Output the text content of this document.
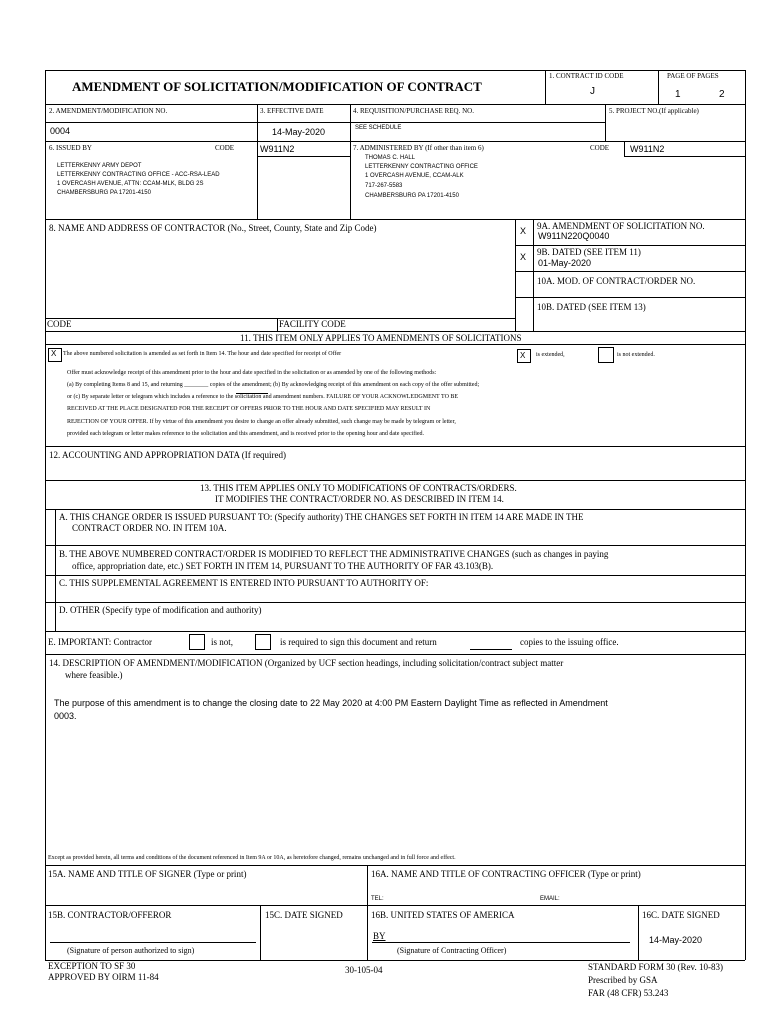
AMENDMENT OF SOLICITATION/MODIFICATION OF CONTRACT
1. CONTRACT ID CODE
J
PAGE OF PAGES
1	2
2. AMENDMENT/MODIFICATION NO.
0004
3. EFFECTIVE DATE
14-May-2020
4. REQUISITION/PURCHASE REQ. NO.
SEE SCHEDULE
5. PROJECT NO.(If applicable)
6. ISSUED BY	CODE	W911N2
LETTERKENNY ARMY DEPOT
LETTERKENNY CONTRACTING OFFICE - ACC-RSA-LEAD
1 OVERCASH AVENUE, ATTN: CCAM-MLK, BLDG 2S
CHAMBERSBURG PA 17201-4150
7. ADMINISTERED BY (If other than item 6)	CODE W911N2
THOMAS C. HALL
LETTERKENNY CONTRACTING OFFICE
1 OVERCASH AVENUE, CCAM-ALK
717-267-5583
CHAMBERSBURG PA 17201-4150
8. NAME AND ADDRESS OF CONTRACTOR (No., Street, County, State and Zip Code)	X 9A. AMENDMENT OF SOLICITATION NO.
W911N220Q0040
X 9B. DATED (SEE ITEM 11)
01-May-2020
10A. MOD. OF CONTRACT/ORDER NO.
10B. DATED (SEE ITEM 13)
CODE	FACILITY CODE
11. THIS ITEM ONLY APPLIES TO AMENDMENTS OF SOLICITATIONS
X The above numbered solicitation is amended as set forth in Item 14. The hour and date specified for receipt of Offer	X is extended,	is not extended.
Offer must acknowledge receipt of this amendment prior to the hour and date specified in the solicitation or as amended by one of the following methods:
(a) By completing Items 8 and 15, and returning ________ copies of the amendment; (b) By acknowledging receipt of this amendment on each copy of the offer submitted;
or (c) By separate letter or telegram which includes a reference to the solicitation and amendment numbers. FAILURE OF YOUR ACKNOWLEDGMENT TO BE
RECEIVED AT THE PLACE DESIGNATED FOR THE RECEIPT OF OFFERS PRIOR TO THE HOUR AND DATE SPECIFIED MAY RESULT IN
REJECTION OF YOUR OFFER. If by virtue of this amendment you desire to change an offer already submitted, such change may be made by telegram or letter,
provided each telegram or letter makes reference to the solicitation and this amendment, and is received prior to the opening hour and date specified.
12. ACCOUNTING AND APPROPRIATION DATA (If required)
13. THIS ITEM APPLIES ONLY TO MODIFICATIONS OF CONTRACTS/ORDERS.
IT MODIFIES THE CONTRACT/ORDER NO. AS DESCRIBED IN ITEM 14.
A. THIS CHANGE ORDER IS ISSUED PURSUANT TO: (Specify authority) THE CHANGES SET FORTH IN ITEM 14 ARE MADE IN THE
CONTRACT ORDER NO. IN ITEM 10A.
B. THE ABOVE NUMBERED CONTRACT/ORDER IS MODIFIED TO REFLECT THE ADMINISTRATIVE CHANGES (such as changes in paying
office, appropriation date, etc.) SET FORTH IN ITEM 14, PURSUANT TO THE AUTHORITY OF FAR 43.103(B).
C. THIS SUPPLEMENTAL AGREEMENT IS ENTERED INTO PURSUANT TO AUTHORITY OF:
D. OTHER (Specify type of modification and authority)
E. IMPORTANT: Contractor	is not,	is required to sign this document and return	copies to the issuing office.
14. DESCRIPTION OF AMENDMENT/MODIFICATION (Organized by UCF section headings, including solicitation/contract subject matter
where feasible.)
The purpose of this amendment is to change the closing date to 22 May 2020 at 4:00 PM Eastern Daylight Time as reflected in Amendment
0003.
Except as provided herein, all terms and conditions of the document referenced in Item 9A or 10A, as heretofore changed, remains unchanged and in full force and effect.
15A. NAME AND TITLE OF SIGNER (Type or print)	16A. NAME AND TITLE OF CONTRACTING OFFICER (Type or print)
TEL:	EMAIL:
15B. CONTRACTOR/OFFEROR	15C. DATE SIGNED	16B. UNITED STATES OF AMERICA	16C. DATE SIGNED
BY	14-May-2020
(Signature of person authorized to sign)	(Signature of Contracting Officer)
EXCEPTION TO SF 30
APPROVED BY OIRM 11-84
30-105-04	STANDARD FORM 30 (Rev. 10-83)
Prescribed by GSA
FAR (48 CFR) 53.243
